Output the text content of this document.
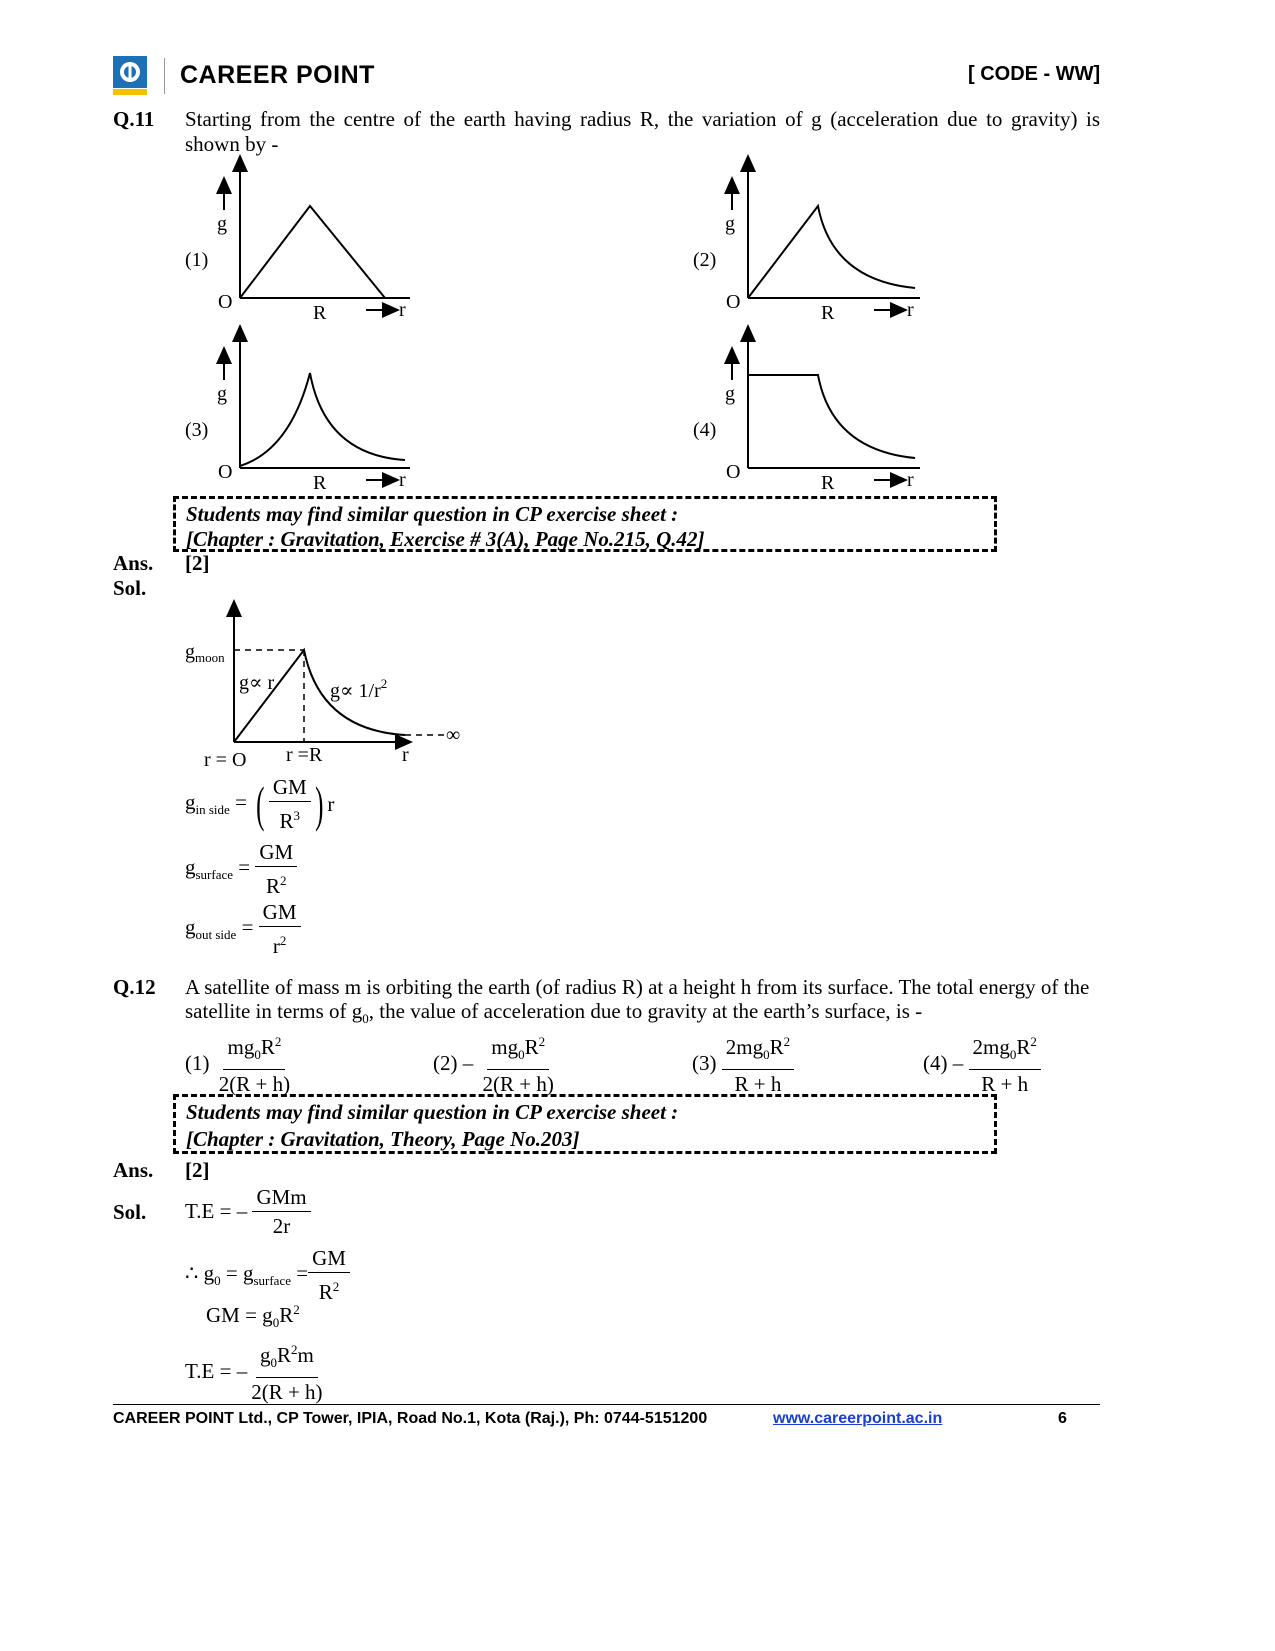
CAREER POINT	[ CODE - WW]
Q.11 Starting from the centre of the earth having radius R, the variation of g (acceleration due to gravity) is shown by -
g	g
g	g
(1)	(2)
(3)	(4)
O	O
O	O
R	R
R	R
r	r
r	r
Students may find similar question in CP exercise sheet :
[Chapter : Gravitation, Exercise # 3(A), Page No.215, Q.42]
Ans. [2]
Sol.
$g_{moon}$
g∝ r	$g\propto 1/r^2$
∞
r = O r =R	r
$g_{in side}$ = ( $\frac{GM}{R^3}$ ) r
$g_{surface} = \frac{GM}{R^2}$
$g_{out side} = \frac{GM}{r^2}$
Q.12 A satellite of mass m is orbiting the earth (of radius R) at a height h from its surface. The total energy of the
satellite in terms of $g_0$, the value of acceleration due to gravity at the earth’s surface, is -
(1)
$\frac{mg_0R^2}{2(R + h)}$	(2) –
$\frac{mg_0R^2}{2(R + h)}$	(3)
$\frac{2mg_0R^2}{R + h}$	(4) –
$\frac{2mg_0R^2}{R + h}$
Students may find similar question in CP exercise sheet :
[Chapter : Gravitation, Theory, Page No.203]
Ans. [2]
Sol. T.E = –
$\frac{\text{GMm}}{2r}$
∴ $g_0 = g_{surface} = \frac{GM}{R^2}$
GM = $g_0R^2$
T.E = – $\frac{g_0R^2m}{2(R + h)}$
CAREER POINT Ltd., CP Tower, IPIA, Road No.1, Kota (Raj.), Ph: 0744-5151200	www.careerpoint.ac.in	6
